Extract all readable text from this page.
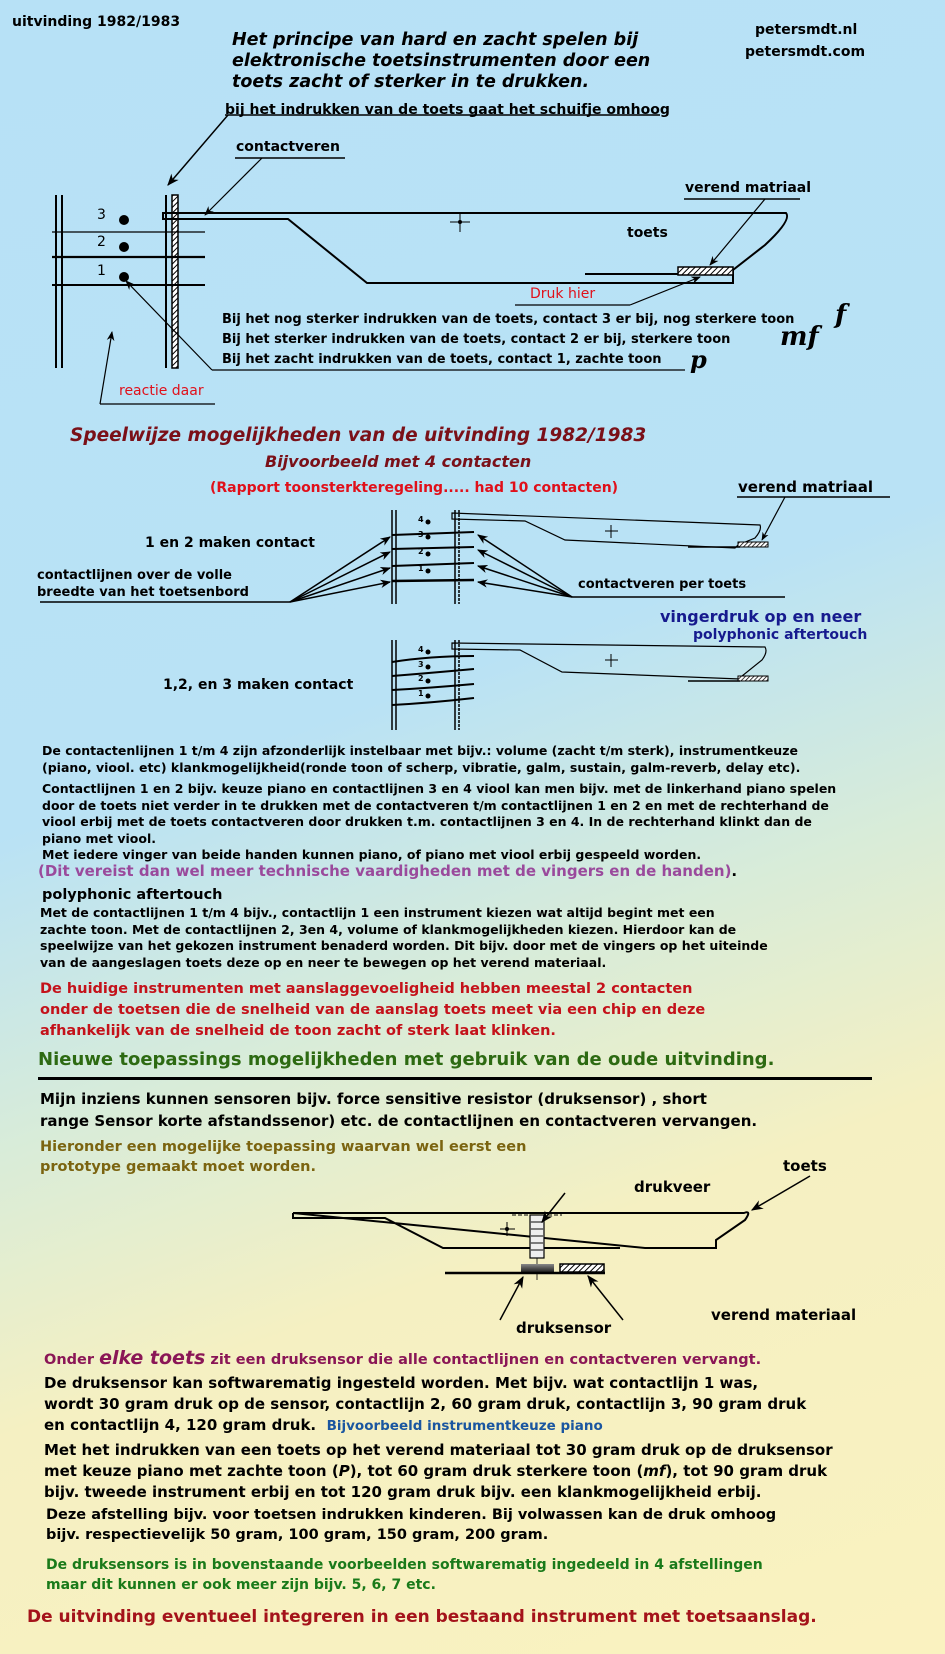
uitvinding 1982/1983
Het principe van hard en zacht spelen bij
elektronische toetsinstrumenten door een
toets zacht of sterker in te drukken.
petersmdt.nl
petersmdt.com
bij het indrukken van de toets gaat het schuifje omhoog
contactveren
3
2
1
verend matriaal
toets
Druk hier
Bij het nog sterker indrukken van de toets, contact 3 er bij, nog sterkere toon
Bij het sterker indrukken van de toets, contact 2 er bij, sterkere toon
Bij het zacht indrukken van de toets, contact 1, zachte toon
f
mf
p
reactie daar
Speelwijze mogelijkheden van de uitvinding 1982/1983
Bijvoorbeeld met 4 contacten
(Rapport toonsterkteregeling..... had 10 contacten)	verend matriaal
1 en 2 maken contact
contactlijnen over de volle
breedte van het toetsenbord
contactveren per toets
vingerdruk op en neer
polyphonic aftertouch
1,2, en 3 maken contact
4
3
2
1
4
3
2
1
De contactenlijnen 1 t/m 4 zijn afzonderlijk instelbaar met bijv.: volume (zacht t/m sterk), instrumentkeuze
(piano, viool. etc) klankmogelijkheid(ronde toon of scherp, vibratie, galm, sustain, galm-reverb, delay etc).
Contactlijnen 1 en 2 bijv. keuze piano en contactlijnen 3 en 4 viool kan men bijv. met de linkerhand piano spelen
door de toets niet verder in te drukken met de contactveren t/m contactlijnen 1 en 2 en met de rechterhand de
viool erbij met de toets contactveren door drukken t.m. contactlijnen 3 en 4. In de rechterhand klinkt dan de
piano met viool.
Met iedere vinger van beide handen kunnen piano, of piano met viool erbij gespeeld worden.
(Dit vereist dan wel meer technische vaardigheden met de vingers en de handen).
polyphonic aftertouch
Met de contactlijnen 1 t/m 4 bijv., contactlijn 1 een instrument kiezen wat altijd begint met een
zachte toon. Met de contactlijnen 2, 3en 4, volume of klankmogelijkheden kiezen. Hierdoor kan de
speelwijze van het gekozen instrument benaderd worden. Dit bijv. door met de vingers op het uiteinde
van de aangeslagen toets deze op en neer te bewegen op het verend materiaal.
De huidige instrumenten met aanslaggevoeligheid hebben meestal 2 contacten
onder de toetsen die de snelheid van de aanslag toets meet via een chip en deze
afhankelijk van de snelheid de toon zacht of sterk laat klinken.
Nieuwe toepassings mogelijkheden met gebruik van de oude uitvinding.
Mijn inziens kunnen sensoren bijv. force sensitive resistor (druksensor) , short
range Sensor korte afstandssenor) etc. de contactlijnen en contactveren vervangen.
Hieronder een mogelijke toepassing waarvan wel eerst een
prototype gemaakt moet worden.	toets
drukveer
druksensor
verend materiaal
Onder elke toets zit een druksensor die alle contactlijnen en contactveren vervangt.
De druksensor kan softwarematig ingesteld worden. Met bijv. wat contactlijn 1 was,
wordt 30 gram druk op de sensor, contactlijn 2, 60 gram druk, contactlijn 3, 90 gram druk
en contactlijn 4, 120 gram druk. Bijvoorbeeld instrumentkeuze piano
Met het indrukken van een toets op het verend materiaal tot 30 gram druk op de druksensor
met keuze piano met zachte toon (P), tot 60 gram druk sterkere toon (mf), tot 90 gram druk
bijv. tweede instrument erbij en tot 120 gram druk bijv. een klankmogelijkheid erbij.
Deze afstelling bijv. voor toetsen indrukken kinderen. Bij volwassen kan de druk omhoog
bijv. respectievelijk 50 gram, 100 gram, 150 gram, 200 gram.
De druksensors is in bovenstaande voorbeelden softwarematig ingedeeld in 4 afstellingen
maar dit kunnen er ook meer zijn bijv. 5, 6, 7 etc.
De uitvinding eventueel integreren in een bestaand instrument met toetsaanslag.
